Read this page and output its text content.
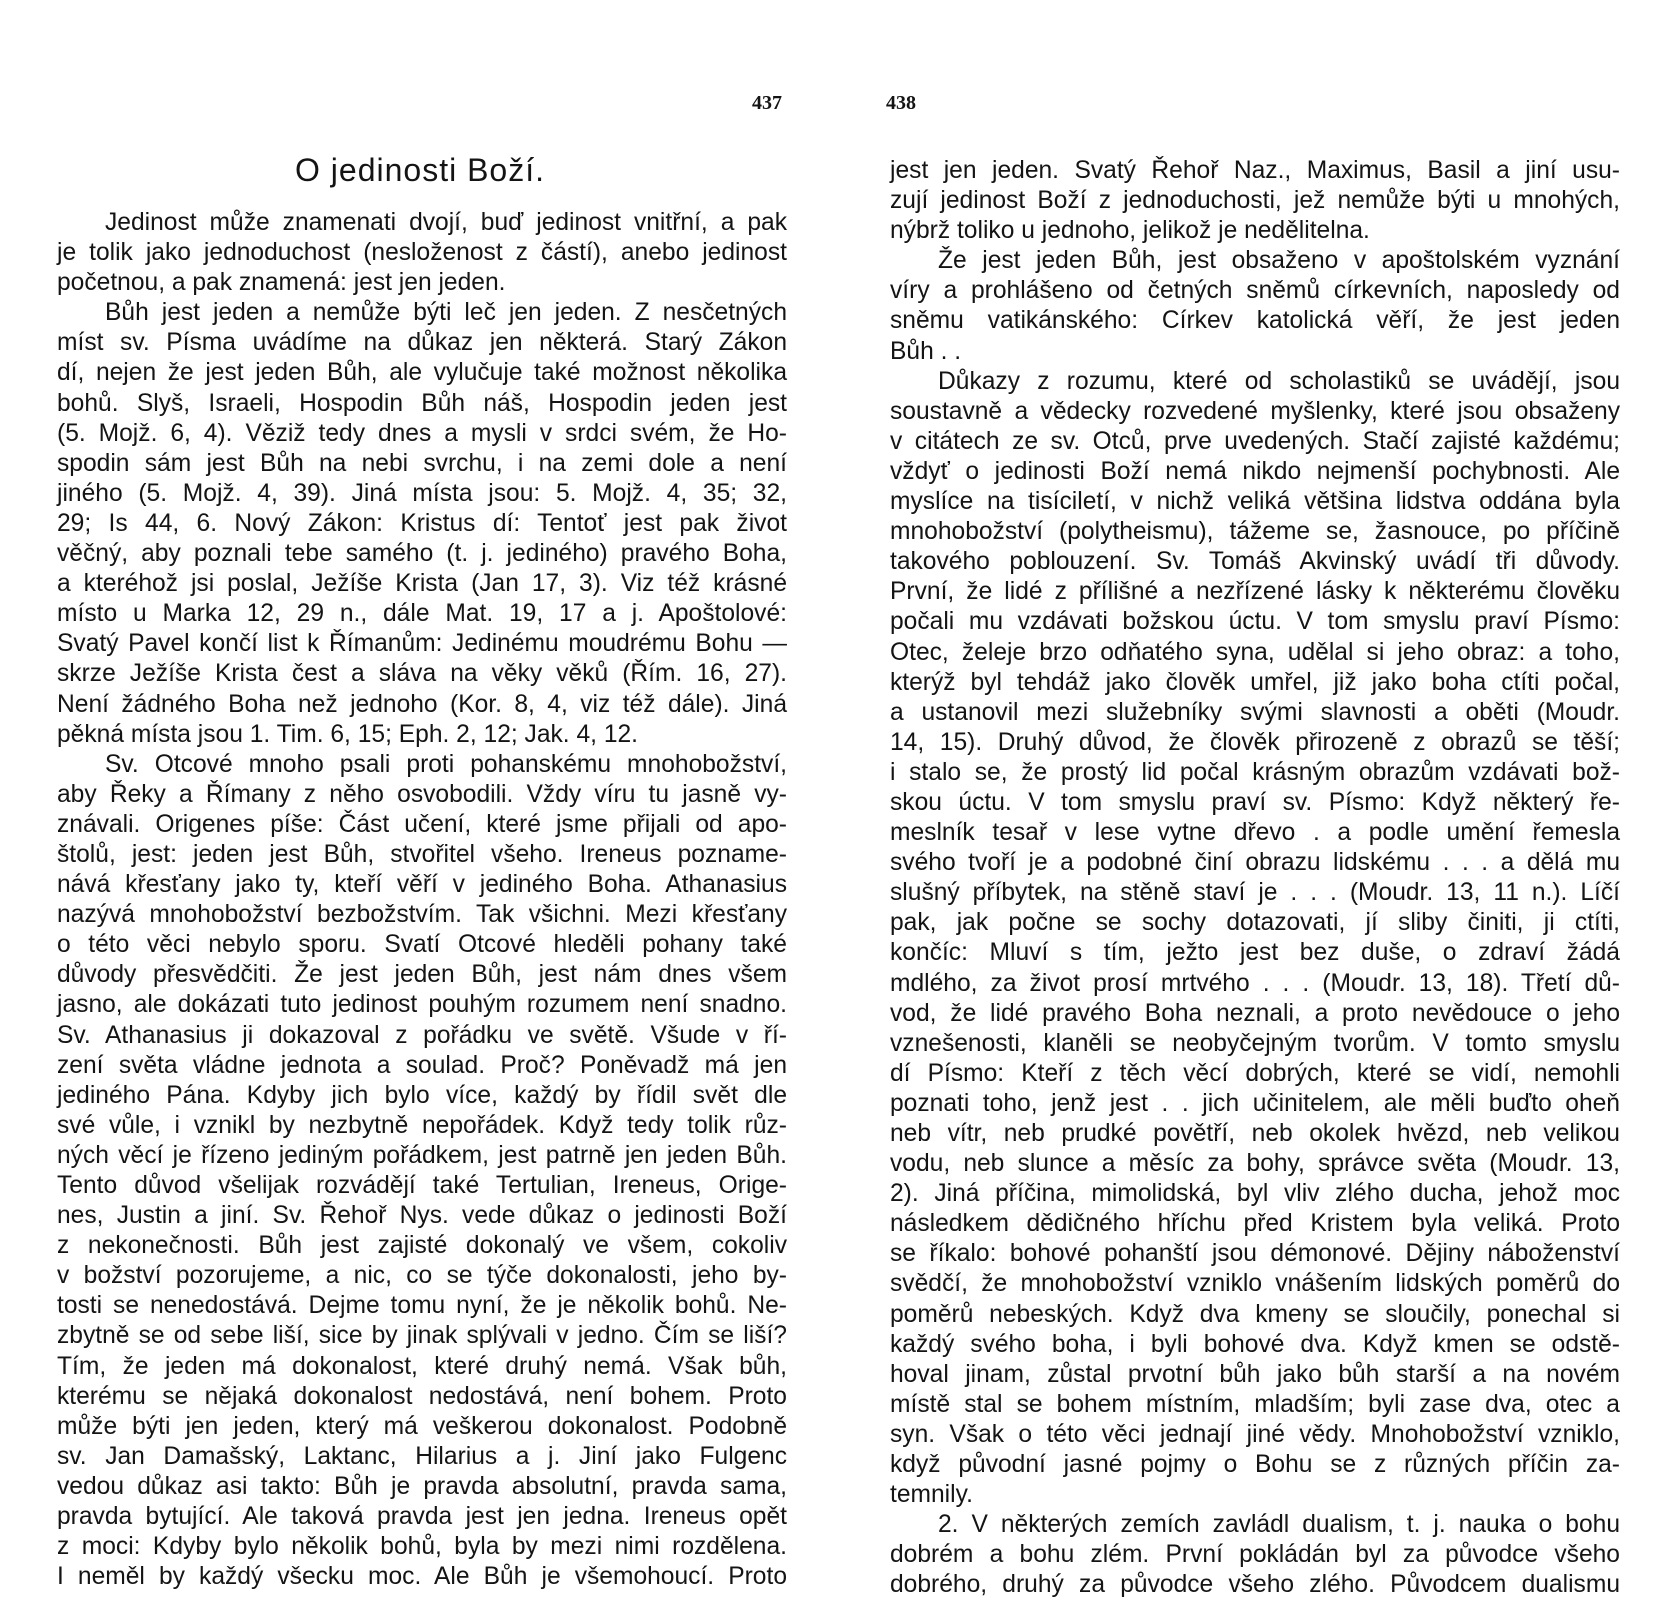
437
O jedinosti Boží.
Jedinost může znamenati dvojí, buď jedinost vnitřní, a pak
je tolik jako jednoduchost (nesloženost z částí), anebo jedinost
početnou, a pak znamená: jest jen jeden.
Bůh jest jeden a nemůže býti leč jen jeden. Z nesčetných
míst sv. Písma uvádíme na důkaz jen některá. Starý Zákon
dí, nejen že jest jeden Bůh, ale vylučuje také možnost několika
bohů. Slyš, Israeli, Hospodin Bůh náš, Hospodin jeden jest
(5. Mojž. 6, 4). Věziž tedy dnes a mysli v srdci svém, že Ho-
spodin sám jest Bůh na nebi svrchu, i na zemi dole a není
jiného (5. Mojž. 4, 39). Jiná místa jsou: 5. Mojž. 4, 35; 32,
29; Is 44, 6. Nový Zákon: Kristus dí: Tentoť jest pak život
věčný, aby poznali tebe samého (t. j. jediného) pravého Boha,
a kteréhož jsi poslal, Ježíše Krista (Jan 17, 3). Viz též krásné
místo u Marka 12, 29 n., dále Mat. 19, 17 a j. Apoštolové:
Svatý Pavel končí list k Římanům: Jedinému moudrému Bohu —
skrze Ježíše Krista čest a sláva na věky věků (Řím. 16, 27).
Není žádného Boha než jednoho (Kor. 8, 4, viz též dále). Jiná
pěkná místa jsou 1. Tim. 6, 15; Eph. 2, 12; Jak. 4, 12.
Sv. Otcové mnoho psali proti pohanskému mnohobožství,
aby Řeky a Římany z něho osvobodili. Vždy víru tu jasně vy-
znávali. Origenes píše: Část učení, které jsme přijali od apo-
štolů, jest: jeden jest Bůh, stvořitel všeho. Ireneus poznamе-
nává křesťany jako ty, kteří věří v jediného Boha. Athanasius
nazývá mnohobožství bezbožstvím. Tak všichni. Mezi křesťany
o této věci nebylo sporu. Svatí Otcové hleděli pohany také
důvody přesvědčiti. Že jest jeden Bůh, jest nám dnes všem
jasno, ale dokázati tuto jedinost pouhým rozumem není snadno.
Sv. Athanasius ji dokazoval z pořádku ve světě. Všude v ří-
zení světa vládne jednota a soulad. Proč? Poněvadž má jen
jediného Pána. Kdyby jich bylo více, každý by řídil svět dle
své vůle, i vznikl by nezbytně nepořádek. Když tedy tolik růz-
ných věcí je řízeno jediným pořádkem, jest patrně jen jeden Bůh.
Tento důvod všelijak rozvádějí také Tertulian, Ireneus, Orige-
nes, Justin a jiní. Sv. Řehoř Nys. vede důkaz o jedinosti Boží
z nekonečnosti. Bůh jest zajisté dokonalý ve všem, cokoliv
v božství pozorujeme, a nic, co se týče dokonalosti, jeho by-
tosti se nenedostává. Dejme tomu nyní, že je několik bohů. Ne-
zbytně se od sebe liší, sice by jinak splývali v jedno. Čím se liší?
Tím, že jeden má dokonalost, které druhý nemá. Však bůh,
kterému se nějaká dokonalost nedostává, není bohem. Proto
může býti jen jeden, který má veškerou dokonalost. Podobně
sv. Jan Damašský, Laktanc, Hilarius a j. Jiní jako Fulgenc
vedou důkaz asi takto: Bůh je pravda absolutní, pravda sama,
pravda bytující. Ale taková pravda jest jen jedna. Ireneus opět
z moci: Kdyby bylo několik bohů, byla by mezi nimi rozdělena.
I neměl by každý všecku moc. Ale Bůh je všemohoucí. Proto
438
jest jen jeden. Svatý Řehoř Naz., Maximus, Basil a jiní usu-
zují jedinost Boží z jednoduchosti, jež nemůže býti u mnohých,
nýbrž toliko u jednoho, jelikož je nedělitelna.
Že jest jeden Bůh, jest obsaženo v apoštolském vyznání
víry a prohlášeno od četných sněmů církevních, naposledy od
sněmu vatikánského: Církev katolická věří, že jest jeden
Bůh . .
Důkazy z rozumu, které od scholastiků se uvádějí, jsou
soustavně a vědecky rozvedené myšlenky, které jsou obsaženy
v citátech ze sv. Otců, prve uvedených. Stačí zajisté každému;
vždyť o jedinosti Boží nemá nikdo nejmenší pochybnosti. Ale
myslíce na tisíciletí, v nichž veliká většina lidstva oddána byla
mnohobožství (polytheismu), tážeme se, žasnouce, po příčině
takového poblouzení. Sv. Tomáš Akvinský uvádí tři důvody.
První, že lidé z přílišné a nezřízené lásky k některému člověku
počali mu vzdávati božskou úctu. V tom smyslu praví Písmo:
Otec, želeje brzo odňatého syna, udělal si jeho obraz: a toho,
kterýž byl tehdáž jako člověk umřel, již jako boha ctíti počal,
a ustanovil mezi služebníky svými slavnosti a oběti (Moudr.
14, 15). Druhý důvod, že člověk přirozeně z obrazů se těší;
i stalo se, že prostý lid počal krásným obrazům vzdávati bož-
skou úctu. V tom smyslu praví sv. Písmo: Když některý ře-
meslník tesař v lese vytne dřevo . a podle umění řemesla
svého tvoří je a podobné činí obrazu lidskému . . . a dělá mu
slušný příbytek, na stěně staví je . . . (Moudr. 13, 11 n.). Líčí
pak, jak počne se sochy dotazovati, jí sliby činiti, ji ctíti,
končíc: Mluví s tím, ježto jest bez duše, o zdraví žádá
mdlého, za život prosí mrtvého . . . (Moudr. 13, 18). Třetí dů-
vod, že lidé pravého Boha neznali, a proto nevědouce o jeho
vznešenosti, klaněli se neobyčejným tvorům. V tomto smyslu
dí Písmo: Kteří z těch věcí dobrých, které se vidí, nemohli
poznati toho, jenž jest . . jich učinitelem, ale měli buďto oheň
neb vítr, neb prudké povětří, neb okolek hvězd, neb velikou
vodu, neb slunce a měsíc za bohy, správce světa (Moudr. 13,
2). Jiná příčina, mimolidská, byl vliv zlého ducha, jehož moc
následkem dědičného hříchu před Kristem byla veliká. Proto
se říkalo: bohové pohanští jsou démonové. Dějiny náboženství
svědčí, že mnohobožství vzniklo vnášením lidských poměrů do
poměrů nebeských. Když dva kmeny se sloučily, ponechal si
každý svého boha, i byli bohové dva. Když kmen se odstě-
hoval jinam, zůstal prvotní bůh jako bůh starší a na novém
místě stal se bohem místním, mladším; byli zase dva, otec a
syn. Však o této věci jednají jiné vědy. Mnohobožství vzniklo,
když původní jasné pojmy o Bohu se z různých příčin za-
temnily.
2. V některých zemích zavládl dualism, t. j. nauka o bohu
dobrém a bohu zlém. První pokládán byl za původce všeho
dobrého, druhý za původce všeho zlého. Původcem dualismu
